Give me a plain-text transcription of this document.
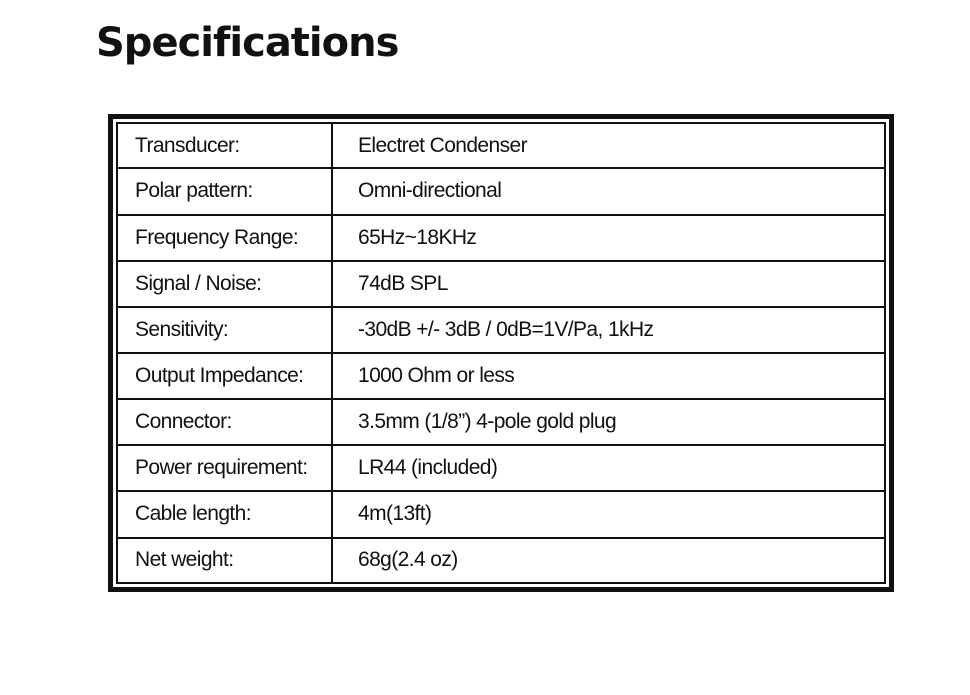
Specifications
Transducer:	Electret Condenser
Polar pattern:	Omni-directional
Frequency Range:	65Hz~18KHz
Signal / Noise:	74dB SPL
Sensitivity:	-30dB +/- 3dB / 0dB=1V/Pa, 1kHz
Output Impedance:	1000 Ohm or less
Connector:	3.5mm (1/8”) 4-pole gold plug
Power requirement:	LR44 (included)
Cable length:	4m(13ft)
Net weight:	68g(2.4 oz)
